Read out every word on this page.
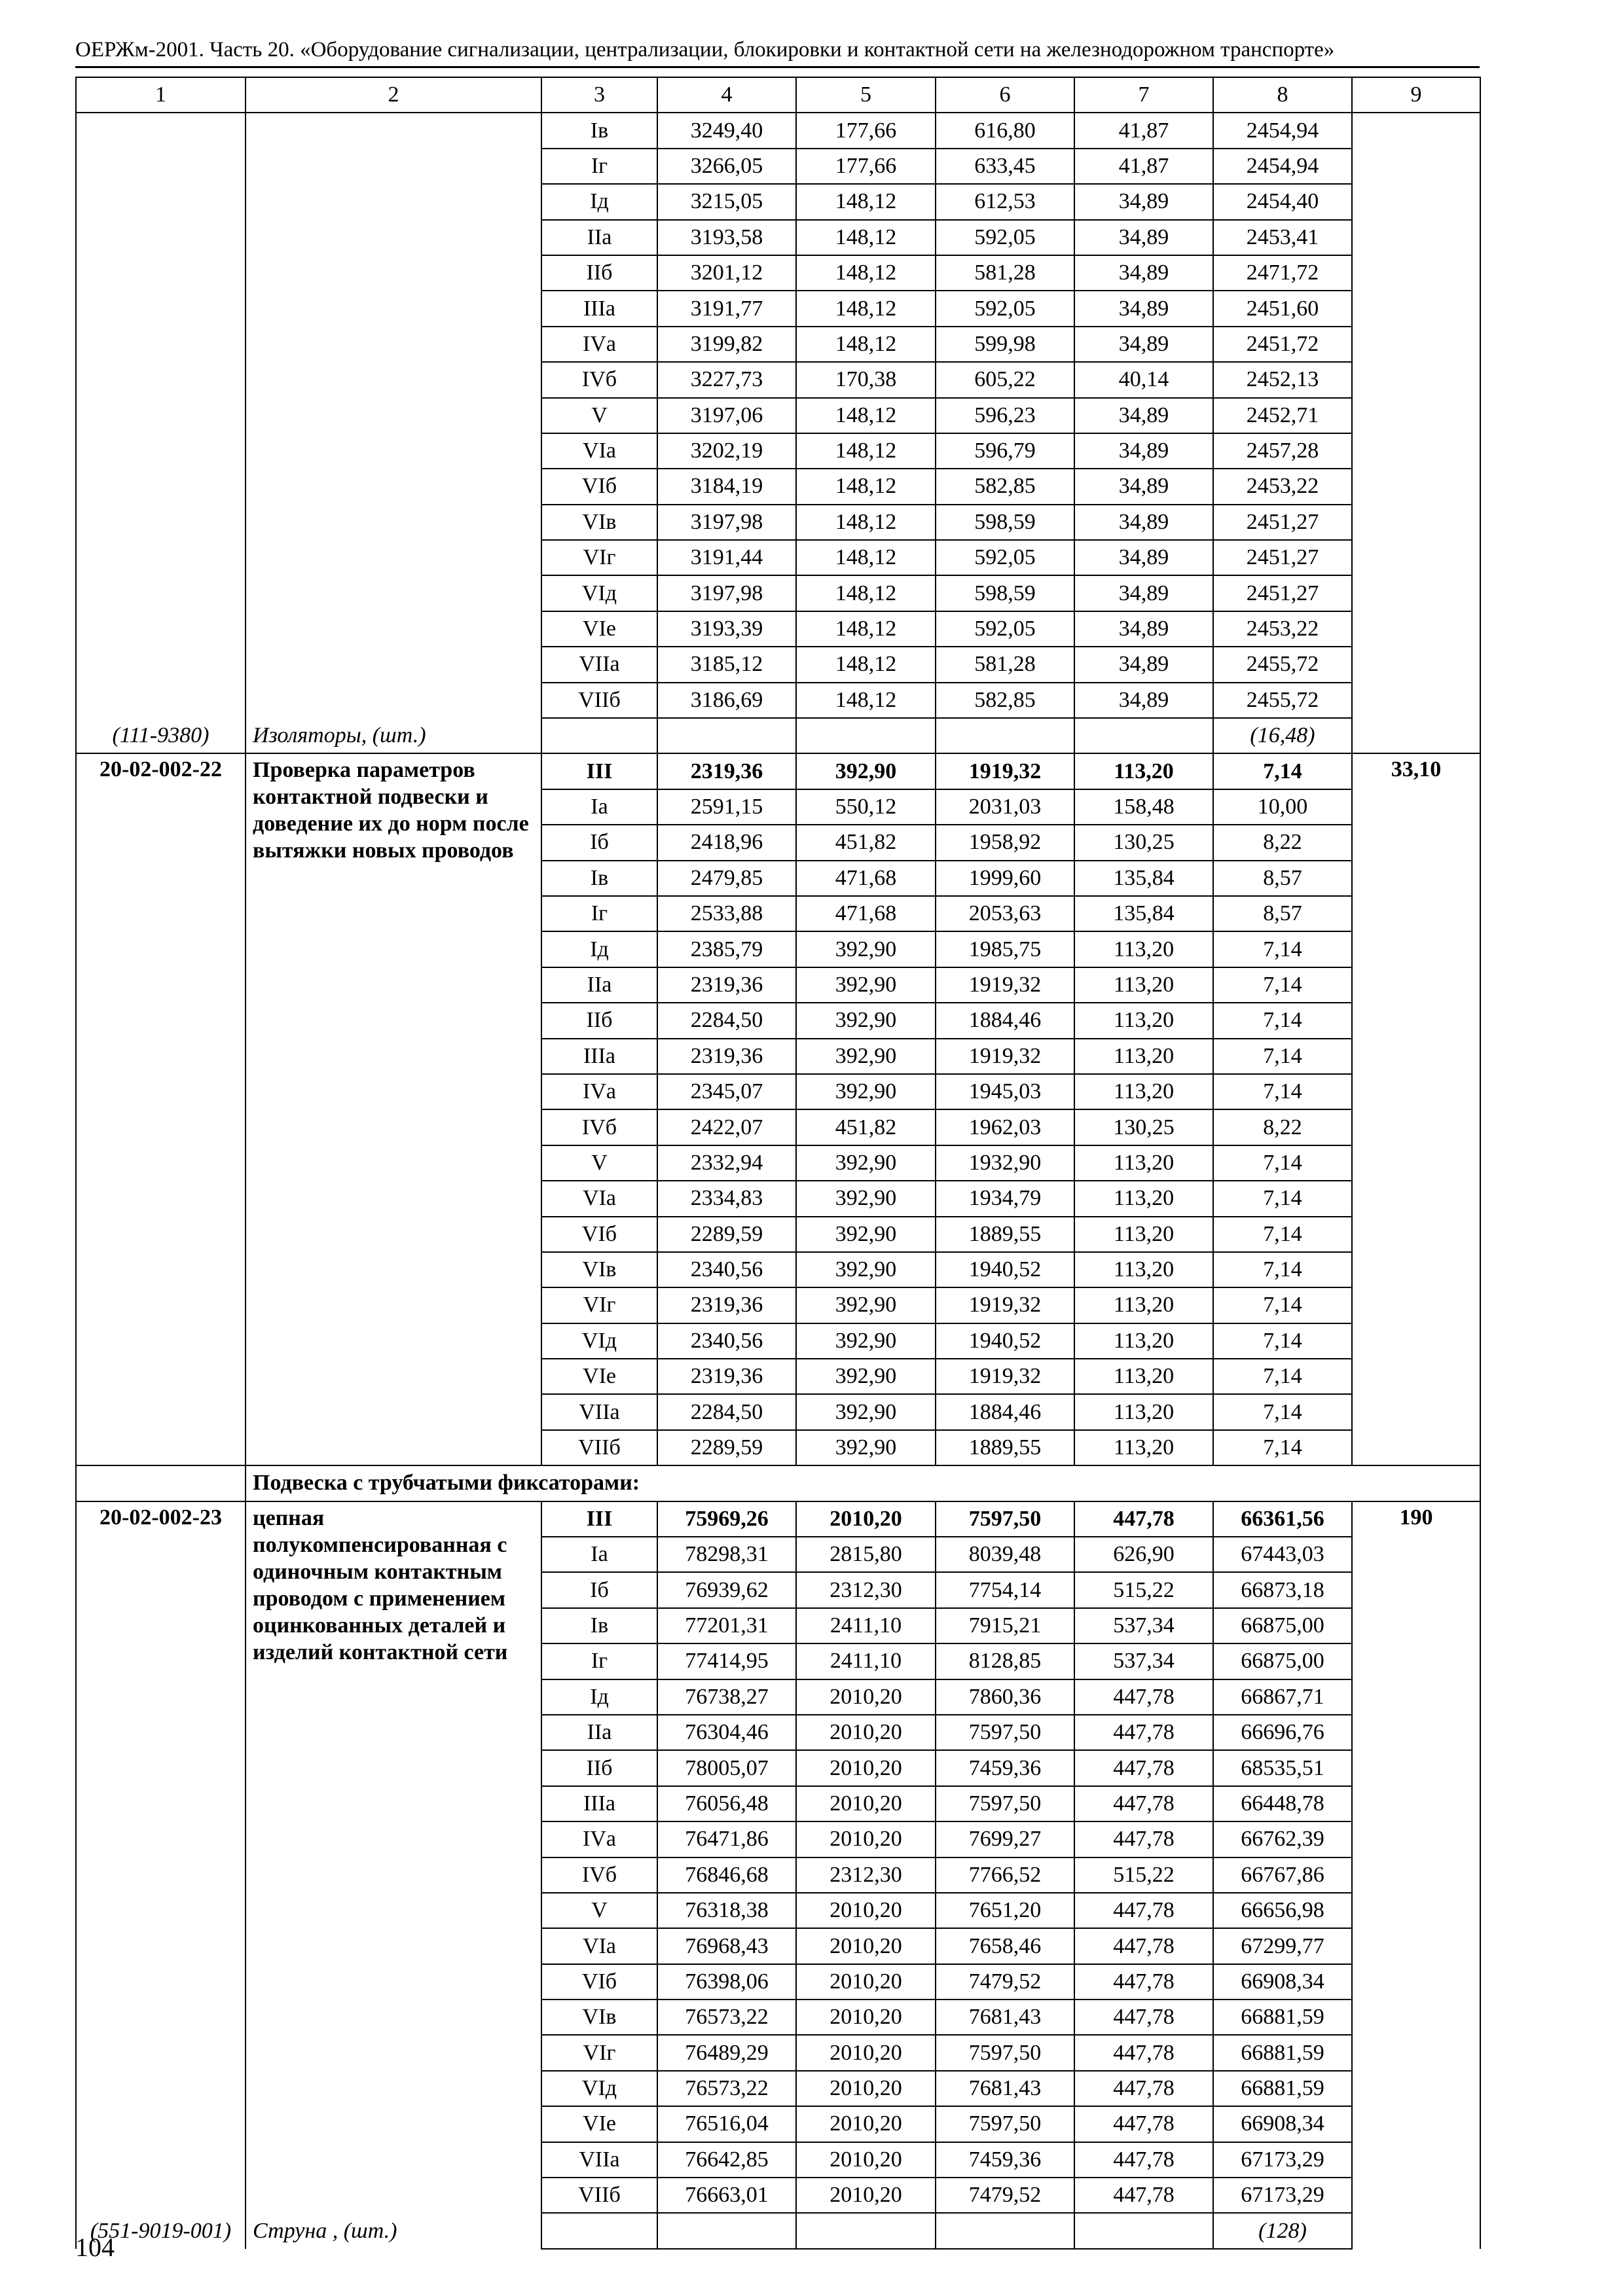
ОЕРЖм-2001. Часть 20. «Оборудование сигнализации, централизации, блокировки и контактной сети на железнодорожном транспорте»
1	2	3	4	5	6	7	8	9
		Iв	3249,40	177,66	616,80	41,87	2454,94	
		Iг	3266,05	177,66	633,45	41,87	2454,94	
		Iд	3215,05	148,12	612,53	34,89	2454,40	
		IIа	3193,58	148,12	592,05	34,89	2453,41	
		IIб	3201,12	148,12	581,28	34,89	2471,72	
		IIIа	3191,77	148,12	592,05	34,89	2451,60	
		IVа	3199,82	148,12	599,98	34,89	2451,72	
		IVб	3227,73	170,38	605,22	40,14	2452,13	
		V	3197,06	148,12	596,23	34,89	2452,71	
		VIа	3202,19	148,12	596,79	34,89	2457,28	
		VIб	3184,19	148,12	582,85	34,89	2453,22	
		VIв	3197,98	148,12	598,59	34,89	2451,27	
		VIг	3191,44	148,12	592,05	34,89	2451,27	
		VIд	3197,98	148,12	598,59	34,89	2451,27	
		VIе	3193,39	148,12	592,05	34,89	2453,22	
		VIIа	3185,12	148,12	581,28	34,89	2455,72	
		VIIб	3186,69	148,12	582,85	34,89	2455,72	
(111-9380)	Изоляторы, (шт.)						(16,48)	
20-02-002-22	Проверка параметров контактной подвески и доведение их до норм после вытяжки новых проводов	III	2319,36	392,90	1919,32	113,20	7,14	33,10
		Iа	2591,15	550,12	2031,03	158,48	10,00	
		Iб	2418,96	451,82	1958,92	130,25	8,22	
		Iв	2479,85	471,68	1999,60	135,84	8,57	
		Iг	2533,88	471,68	2053,63	135,84	8,57	
		Iд	2385,79	392,90	1985,75	113,20	7,14	
		IIа	2319,36	392,90	1919,32	113,20	7,14	
		IIб	2284,50	392,90	1884,46	113,20	7,14	
		IIIа	2319,36	392,90	1919,32	113,20	7,14	
		IVа	2345,07	392,90	1945,03	113,20	7,14	
		IVб	2422,07	451,82	1962,03	130,25	8,22	
		V	2332,94	392,90	1932,90	113,20	7,14	
		VIа	2334,83	392,90	1934,79	113,20	7,14	
		VIб	2289,59	392,90	1889,55	113,20	7,14	
		VIв	2340,56	392,90	1940,52	113,20	7,14	
		VIг	2319,36	392,90	1919,32	113,20	7,14	
		VIд	2340,56	392,90	1940,52	113,20	7,14	
		VIе	2319,36	392,90	1919,32	113,20	7,14	
		VIIа	2284,50	392,90	1884,46	113,20	7,14	
		VIIб	2289,59	392,90	1889,55	113,20	7,14	
	Подвеска с трубчатыми фиксаторами:							
20-02-002-23	цепная полукомпенсированная с одиночным контактным проводом с применением оцинкованных деталей и изделий контактной сети	III	75969,26	2010,20	7597,50	447,78	66361,56	190
		Iа	78298,31	2815,80	8039,48	626,90	67443,03	
		Iб	76939,62	2312,30	7754,14	515,22	66873,18	
		Iв	77201,31	2411,10	7915,21	537,34	66875,00	
		Iг	77414,95	2411,10	8128,85	537,34	66875,00	
		Iд	76738,27	2010,20	7860,36	447,78	66867,71	
		IIа	76304,46	2010,20	7597,50	447,78	66696,76	
		IIб	78005,07	2010,20	7459,36	447,78	68535,51	
		IIIа	76056,48	2010,20	7597,50	447,78	66448,78	
		IVа	76471,86	2010,20	7699,27	447,78	66762,39	
		IVб	76846,68	2312,30	7766,52	515,22	66767,86	
		V	76318,38	2010,20	7651,20	447,78	66656,98	
		VIа	76968,43	2010,20	7658,46	447,78	67299,77	
		VIб	76398,06	2010,20	7479,52	447,78	66908,34	
		VIв	76573,22	2010,20	7681,43	447,78	66881,59	
		VIг	76489,29	2010,20	7597,50	447,78	66881,59	
		VIд	76573,22	2010,20	7681,43	447,78	66881,59	
		VIе	76516,04	2010,20	7597,50	447,78	66908,34	
		VIIа	76642,85	2010,20	7459,36	447,78	67173,29	
		VIIб	76663,01	2010,20	7479,52	447,78	67173,29	
(551-9019-001)	Струна , (шт.)						(128)	
104
